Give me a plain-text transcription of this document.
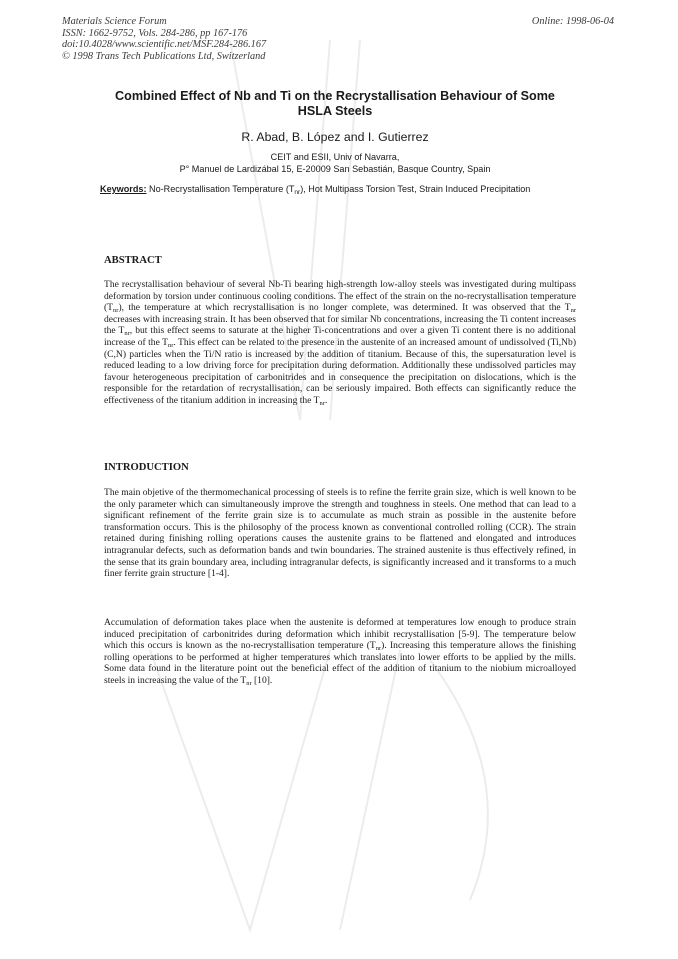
Materials Science Forum
ISSN: 1662-9752, Vols. 284-286, pp 167-176
doi:10.4028/www.scientific.net/MSF.284-286.167
© 1998 Trans Tech Publications Ltd, Switzerland
Online: 1998-06-04
Combined Effect of Nb and Ti on the Recrystallisation Behaviour of Some HSLA Steels
R. Abad, B. López and I. Gutierrez
CEIT and ESII, Univ of Navarra,
P° Manuel de Lardizábal 15, E-20009 San Sebastián, Basque Country, Spain
Keywords: No-Recrystallisation Temperature $(T_{nr})$, Hot Multipass Torsion Test, Strain Induced Precipitation
ABSTRACT

The recrystallisation behaviour of several Nb-Ti bearing high-strength low-alloy steels was investigated during multipass deformation by torsion under continuous cooling conditions. The effect of the strain on the no-recrystallisation temperature $(T_{nr})$, the temperature at which recrystallisation is no longer complete, was determined. It was observed that the $T_{nr}$ decreases with increasing strain. It has been observed that for similar Nb concentrations, increasing the Ti content increases the $T_{nr}$, but this effect seems to saturate at the higher Ti-concentrations and over a given Ti content there is no additional increase of the $T_{nr}$. This effect can be related to the presence in the austenite of an increased amount of undissolved (Ti,Nb)(C,N) particles when the Ti/N ratio is increased by the addition of titanium. Because of this, the supersaturation level is reduced leading to a low driving force for precipitation during deformation. Additionally these undissolved particles may favour heterogeneous precipitation of carbonitrides and in consequence the precipitation on dislocations, which is the responsible for the retardation of recrystallisation, can be seriously impaired. Both effects can significantly reduce the effectiveness of the titanium addition in increasing the $T_{nr}$.

INTRODUCTION

The main objetive of the thermomechanical processing of steels is to refine the ferrite grain size, which is well known to be the only parameter which can simultaneously improve the strength and toughness in steels. One method that can lead to a significant refinement of the ferrite grain size is to accumulate as much strain as possible in the austenite before transformation occurs. This is the philosophy of the process known as conventional controlled rolling (CCR). The strain retained during finishing rolling operations causes the austenite grains to be flattened and elongated and introduces intragranular defects, such as deformation bands and twin boundaries. The strained austenite is thus effectively refined, in the sense that its grain boundary area, including intragranular defects, is significantly increased and it transforms to a much finer ferrite grain structure [1-4].

Accumulation of deformation takes place when the austenite is deformed at temperatures low enough to produce strain induced precipitation of carbonitrides during deformation which inhibit recrystallisation [5-9]. The temperature below which this occurs is known as the no-recrystallisation temperature $(T_{nr})$. Increasing this temperature allows the finishing rolling operations to be performed at higher temperatures which translates into lower efforts to be applied by the mills. Some data found in the literature point out the beneficial effect of the addition of titanium to the niobium microalloyed steels in increasing the value of the $T_{nr}$ [10].
